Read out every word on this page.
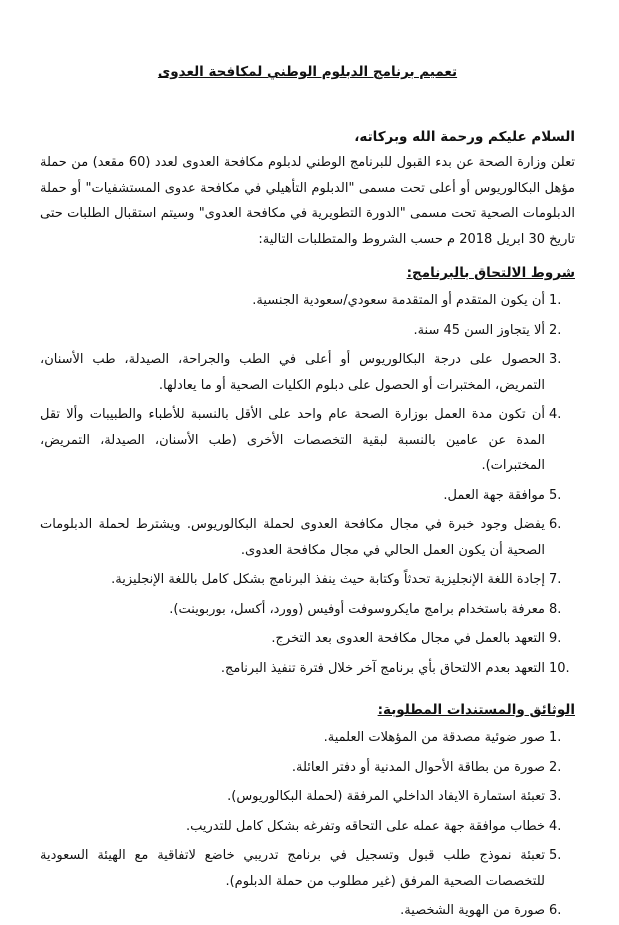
تعميم برنامج الدبلوم الوطني لمكافحة العدوى
السلام عليكم ورحمة الله وبركاته،

تعلن وزارة الصحة عن بدء القبول للبرنامج الوطني لدبلوم مكافحة العدوى لعدد (60 مقعد) من حملة مؤهل البكالوريوس أو أعلى تحت مسمى "الدبلوم التأهيلي في مكافحة عدوى المستشفيات" أو حملة الدبلومات الصحية تحت مسمى "الدورة التطويرية في مكافحة العدوى" وسيتم استقبال الطلبات حتى تاريخ 30 ابريل 2018 م حسب الشروط والمتطلبات التالية:

شروط الالتحاق بالبرنامج:
1 .
أن يكون المتقدم أو المتقدمة سعودي/سعودية الجنسية.
2 .
ألا يتجاوز السن 45 سنة.
3 .
الحصول على درجة البكالوريوس أو أعلى في الطب والجراحة، الصيدلة، طب الأسنان، التمريض، المختبرات أو الحصول على دبلوم الكليات الصحية أو ما يعادلها.
4 .
أن تكون مدة العمل بوزارة الصحة عام واحد على الأقل بالنسبة للأطباء والطبيبات وألا تقل المدة عن عامين بالنسبة لبقية التخصصات الأخرى (طب الأسنان، الصيدلة، التمريض، المختبرات).
5 .
موافقة جهة العمل.
6 .
يفضل وجود خبرة في مجال مكافحة العدوى لحملة البكالوريوس. ويشترط لحملة الدبلومات الصحية أن يكون العمل الحالي في مجال مكافحة العدوى.
7 .
إجادة اللغة الإنجليزية تحدثاً وكتابة حيث ينفذ البرنامج بشكل كامل باللغة الإنجليزية.
8 .
معرفة باستخدام برامج مايكروسوفت أوفيس (وورد، أكسل، بوربوينت).
9 .
التعهد بالعمل في مجال مكافحة العدوى بعد التخرج.
10 .
التعهد بعدم الالتحاق بأي برنامج آخر خلال فترة تنفيذ البرنامج.
الوثائق والمستندات المطلوبة:
1 .
صور ضوئية مصدقة من المؤهلات العلمية.
2 .
صورة من بطاقة الأحوال المدنية أو دفتر العائلة.
3 .
تعبئة استمارة الايفاد الداخلي المرفقة (لحملة البكالوريوس).
4 .
خطاب موافقة جهة عمله على التحاقه وتفرغه بشكل كامل للتدريب.
5 .
تعبئة نموذج طلب قبول وتسجيل في برنامج تدريبي خاضع لاتفاقية مع الهيئة السعودية للتخصصات الصحية المرفق (غير مطلوب من حملة الدبلوم).
6 .
صورة من الهوية الشخصية.
